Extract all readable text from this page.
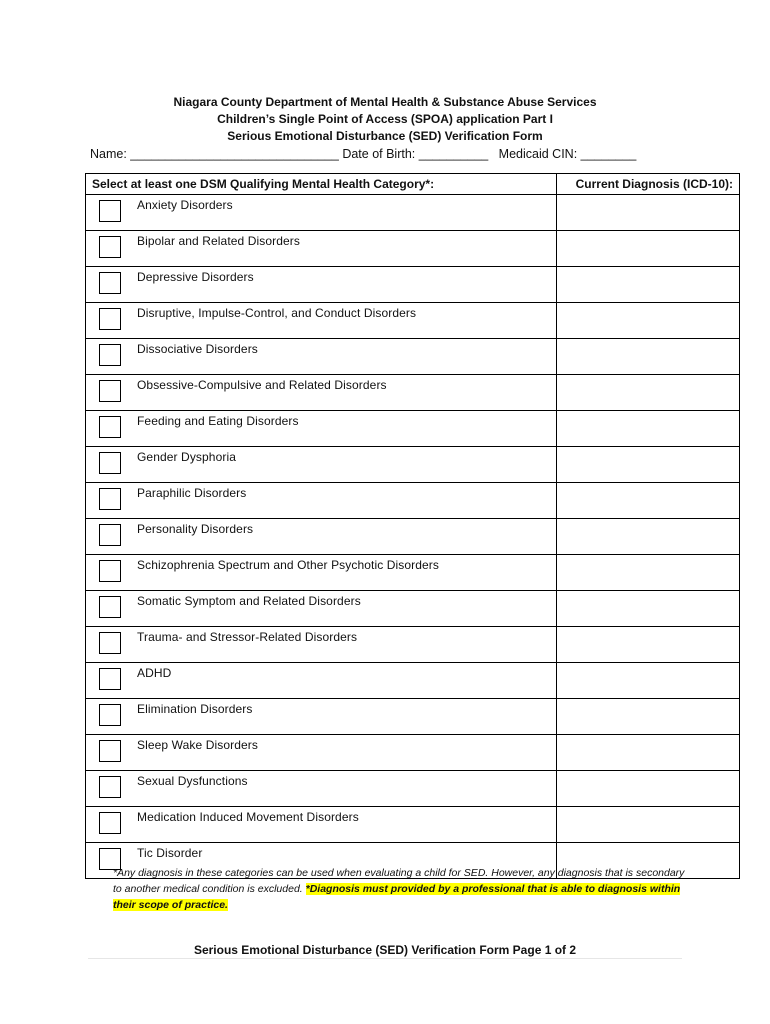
Niagara County Department of Mental Health & Substance Abuse Services
Children’s Single Point of Access (SPOA) application Part I
Serious Emotional Disturbance (SED) Verification Form
Name: ______________________________ Date of Birth: __________   Medicaid CIN: ________
Select at least one DSM Qualifying Mental Health Category*:	Current Diagnosis (ICD-10):

Anxiety Disorders	

Bipolar and Related Disorders	

Depressive Disorders	

Disruptive, Impulse-Control, and Conduct Disorders	

Dissociative Disorders	

Obsessive-Compulsive and Related Disorders	

Feeding and Eating Disorders	

Gender Dysphoria	

Paraphilic Disorders	

Personality Disorders	

Schizophrenia Spectrum and Other Psychotic Disorders	

Somatic Symptom and Related Disorders	

Trauma- and Stressor-Related Disorders	

ADHD	

Elimination Disorders	

Sleep Wake Disorders	

Sexual Dysfunctions	

Medication Induced Movement Disorders	

Tic Disorder	

*Any diagnosis in these categories can be used when evaluating a child for SED. However, any diagnosis that is secondary to another medical condition is excluded. *Diagnosis must provided by a professional that is able to diagnosis within their scope of practice.
Serious Emotional Disturbance (SED) Verification Form Page 1 of 2
